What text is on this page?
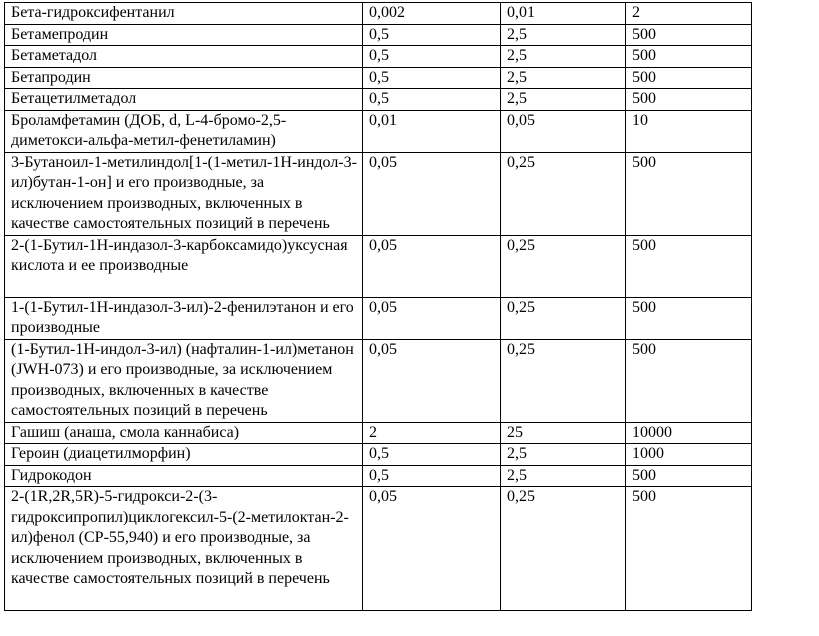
Бета-гидроксифентанил	0,002	0,01	2
Бетамепродин	0,5	2,5	500
Бетаметадол	0,5	2,5	500
Бетапродин	0,5	2,5	500
Бетацетилметадол	0,5	2,5	500
Броламфетамин (ДОБ, d, L-4-бромо-2,5-диметокси-альфа-метил-фенетиламин)	0,01	0,05	10
3-Бутаноил-1-метилиндол[1-(1-метил-1Н-индол-3-ил)бутан-1-он] и его производные, за исключением производных, включенных в качестве самостоятельных позиций в перечень	0,05	0,25	500
2-(1-Бутил-1Н-индазол-3-карбоксамидо)уксусная кислота и ее производные	0,05	0,25	500
1-(1-Бутил-1Н-индазол-3-ил)-2-фенилэтанон и его производные	0,05	0,25	500
(1-Бутил-1Н-индол-3-ил) (нафталин-1-ил)метанон (JWH-073) и его производные, за исключением производных, включенных в качестве самостоятельных позиций в перечень	0,05	0,25	500
Гашиш (анаша, смола каннабиса)	2	25	10000
Героин (диацетилморфин)	0,5	2,5	1000
Гидрокодон	0,5	2,5	500
2-(1R,2R,5R)-5-гидрокси-2-(3-гидроксипропил)циклогексил-5-(2-метилоктан-2-ил)фенол (CP-55,940) и его производные, за исключением производных, включенных в качестве самостоятельных позиций в перечень	0,05	0,25	500
